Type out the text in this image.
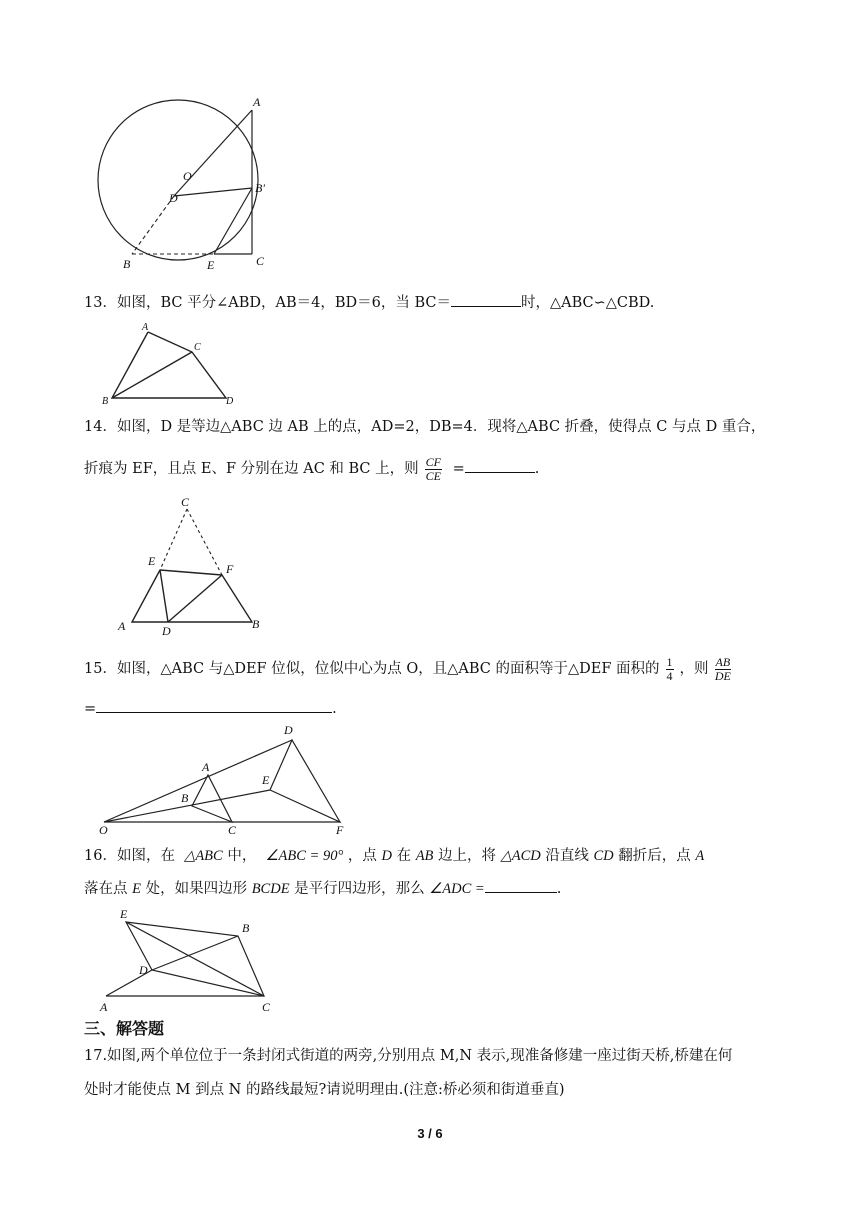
A
O
D
B′
B	E	C
13．如图，BC 平分∠ABD，AB＝4，BD＝6，当 BC＝	时，△ABC∽△CBD.
A
C
B	D
14．如图，D 是等边△ABC 边 AB 上的点，AD=2，DB=4．现将△ABC 折叠，使得点 C 与点 D 重合，
折痕为 EF，且点 E、F 分别在边 AC 和 BC 上，则 $\frac{CF}{CE}$ =	.
C
E
F
A	D	B
15．如图，△ABC 与△DEF 位似，位似中心为点 O，且△ABC 的面积等于△DEF 面积的 $\frac{1}{4}$ ，则 $\frac{AB}{DE}$
=	.
D
A
E
B
O	C	F
16．如图，在 △ABC 中， ∠ABC = 90° ，点 D 在 AB 边上，将 △ACD 沿直线 CD 翻折后，点 A
落在点 E 处，如果四边形 BCDE 是平行四边形，那么 ∠ADC =	.
E
B
D
A	C
三、解答题
17.如图,两个单位位于一条封闭式街道的两旁,分别用点 M,N 表示,现准备修建一座过街天桥,桥建在何
处时才能使点 M 到点 N 的路线最短?请说明理由.(注意:桥必须和街道垂直)
3 / 6
